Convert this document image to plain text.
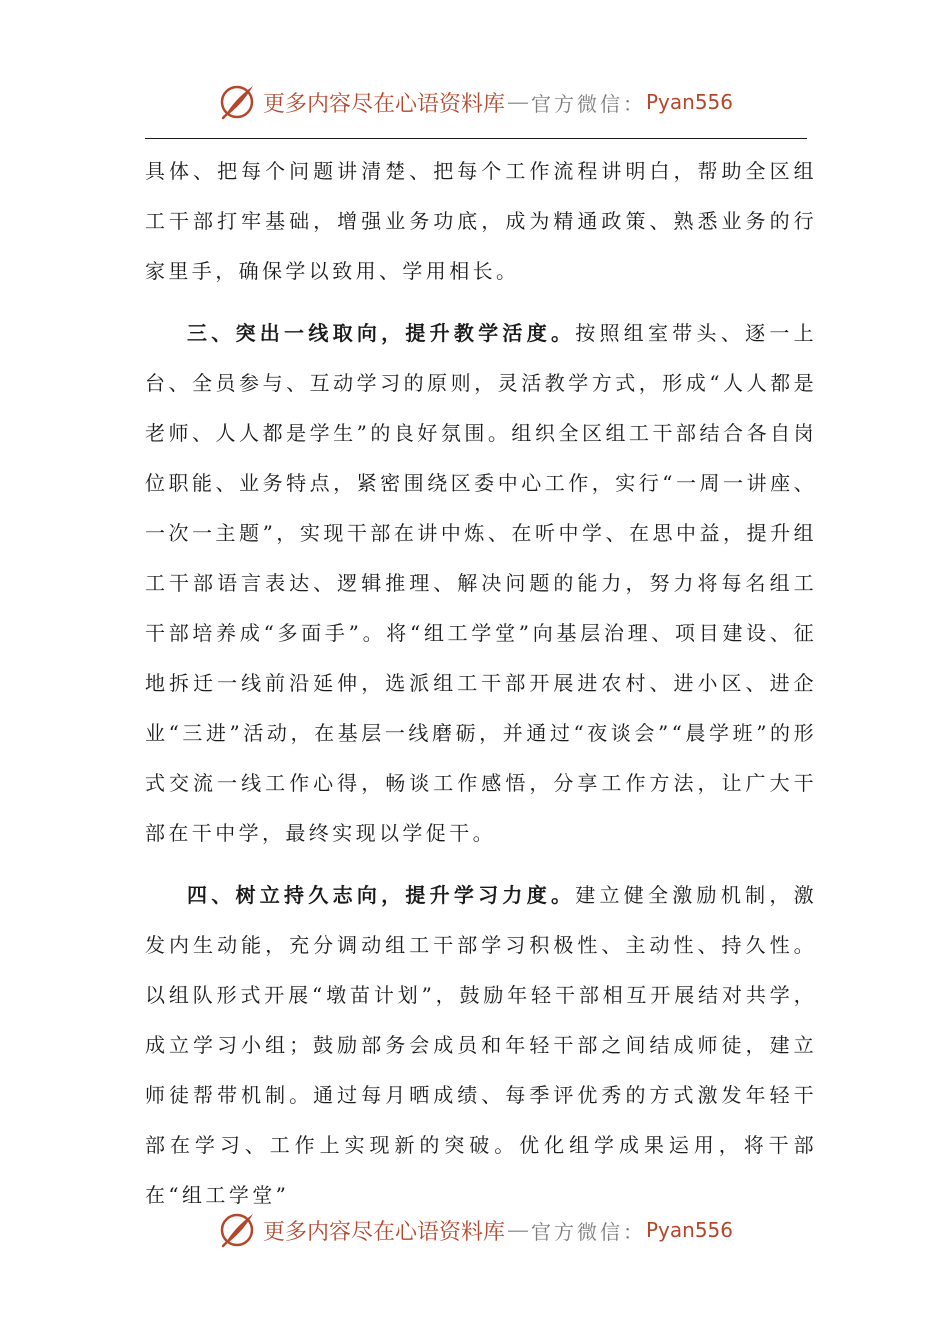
更多内容尽在心语资料库 — 官方微信： Pyan556

具体、把每个问题讲清楚、把每个工作流程讲明白，帮助全区组工干部打牢基础，增强业务功底，成为精通政策、熟悉业务的行家里手，确保学以致用、学用相长。

三、突出一线取向，提升教学活度。按照组室带头、逐一上台、全员参与、互动学习的原则，灵活教学方式，形成“人人都是老师、人人都是学生”的良好氛围。组织全区组工干部结合各自岗位职能、业务特点，紧密围绕区委中心工作，实行“一周一讲座、一次一主题”，实现干部在讲中炼、在听中学、在思中益，提升组工干部语言表达、逻辑推理、解决问题的能力，努力将每名组工干部培养成“多面手”。将“组工学堂”向基层治理、项目建设、征地拆迁一线前沿延伸，选派组工干部开展进农村、进小区、进企业“三进”活动，在基层一线磨砺，并通过“夜谈会”“晨学班”的形式交流一线工作心得，畅谈工作感悟，分享工作方法，让广大干部在干中学，最终实现以学促干。

四、树立持久志向，提升学习力度。建立健全激励机制，激发内生动能，充分调动组工干部学习积极性、主动性、持久性。以组队形式开展“墩苗计划”，鼓励年轻干部相互开展结对共学，成立学习小组；鼓励部务会成员和年轻干部之间结成师徒，建立师徒帮带机制。通过每月晒成绩、每季评优秀的方式激发年轻干部在学习、工作上实现新的突破。优化组学成果运用，将干部在“组工学堂”

更多内容尽在心语资料库 — 官方微信： Pyan556
